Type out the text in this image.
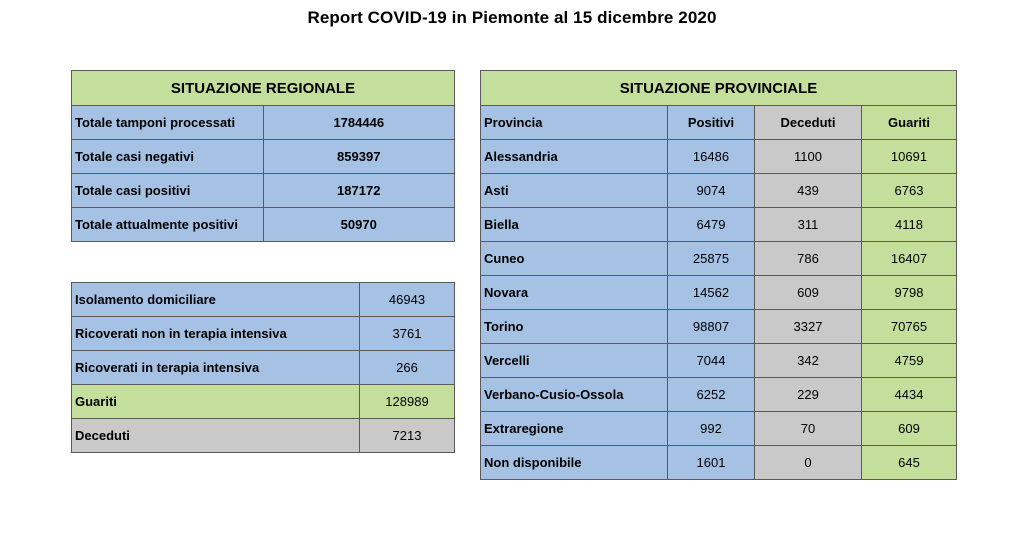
Report COVID-19 in Piemonte al 15 dicembre 2020
SITUAZIONE REGIONALE	
Totale tamponi processati	1784446
Totale casi negativi	859397
Totale casi positivi	187172
Totale attualmente positivi	50970
Isolamento domiciliare	46943
Ricoverati non in terapia intensiva	3761
Ricoverati in terapia intensiva	266
Guariti	128989
Deceduti	7213
SITUAZIONE PROVINCIALE			
Provincia	Positivi	Deceduti	Guariti
Alessandria	16486	1100	10691
Asti	9074	439	6763
Biella	6479	311	4118
Cuneo	25875	786	16407
Novara	14562	609	9798
Torino	98807	3327	70765
Vercelli	7044	342	4759
Verbano-Cusio-Ossola	6252	229	4434
Extraregione	992	70	609
Non disponibile	1601	0	645
